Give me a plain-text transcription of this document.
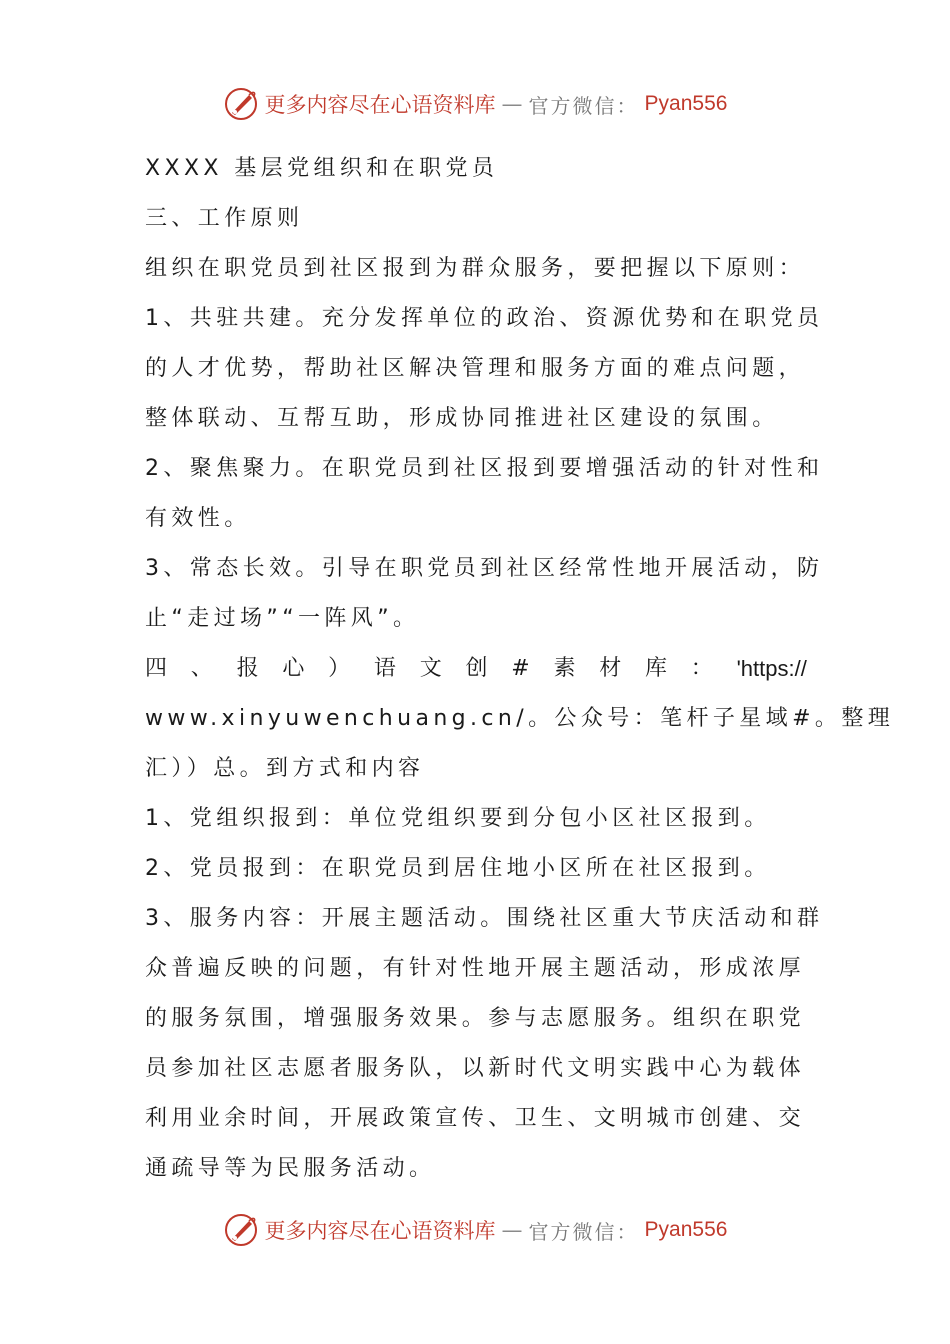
更多内容尽在心语资料库 — 官方微信： Pyan556
XXXX 基层党组织和在职党员
三、工作原则
组织在职党员到社区报到为群众服务，要把握以下原则：
1、共驻共建。充分发挥单位的政治、资源优势和在职党员
的人才优势，帮助社区解决管理和服务方面的难点问题，
整体联动、互帮互助，形成协同推进社区建设的氛围。
2、聚焦聚力。在职党员到社区报到要增强活动的针对性和
有效性。
3、常态长效。引导在职党员到社区经常性地开展活动，防
止“走过场”“一阵风”。
四 、 报 心 ） 语 文 创 # 素 材 库 ： 'https://
www.xinyuwenchuang.cn/。公众号：笔杆子星域#。整理
汇））总。到方式和内容
1、党组织报到：单位党组织要到分包小区社区报到。
2、党员报到：在职党员到居住地小区所在社区报到。
3、服务内容：开展主题活动。围绕社区重大节庆活动和群
众普遍反映的问题，有针对性地开展主题活动，形成浓厚
的服务氛围，增强服务效果。参与志愿服务。组织在职党
员参加社区志愿者服务队，以新时代文明实践中心为载体
利用业余时间，开展政策宣传、卫生、文明城市创建、交
通疏导等为民服务活动。
更多内容尽在心语资料库 — 官方微信： Pyan556
